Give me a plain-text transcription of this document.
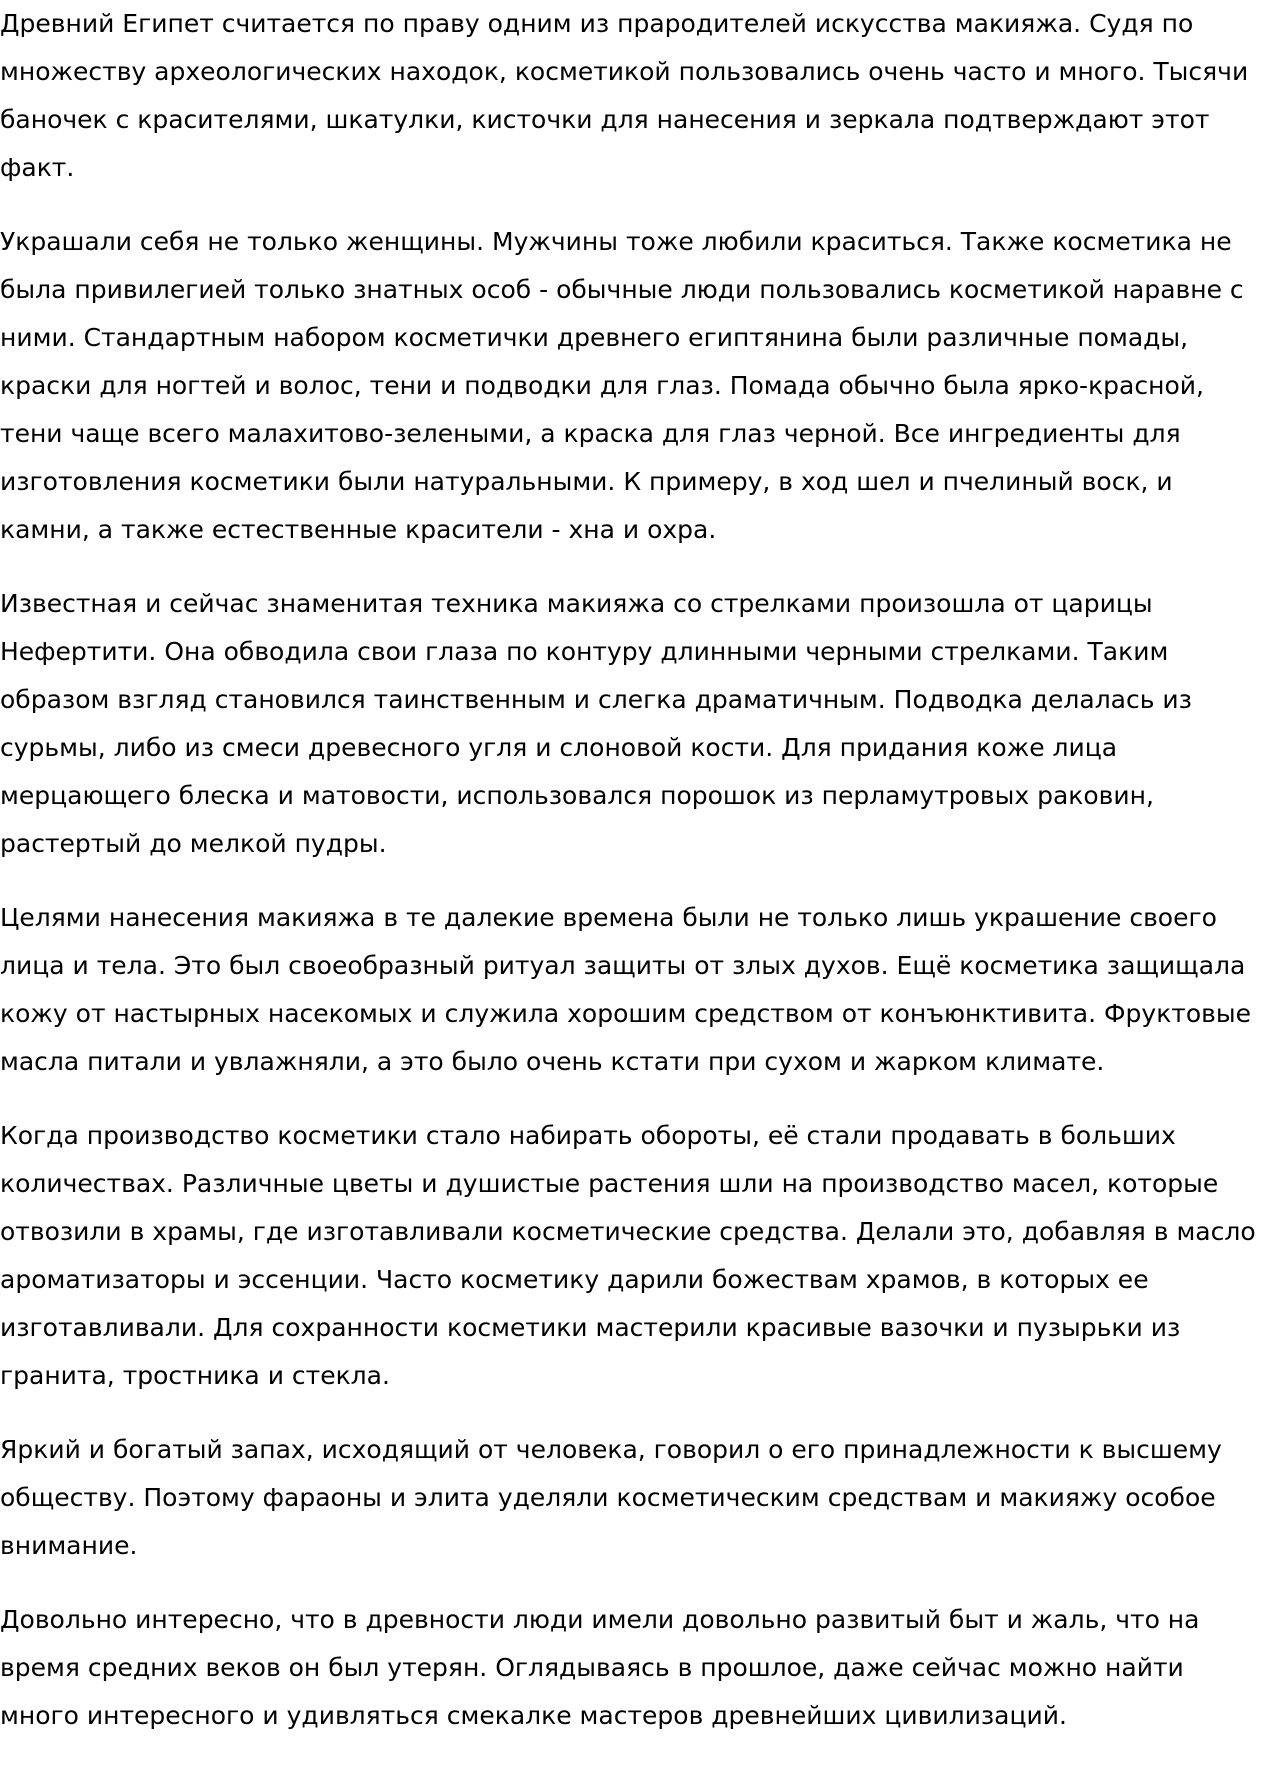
Древний Египет считается по праву одним из прародителей искусства макияжа. Судя по множеству археологических находок, косметикой пользовались очень часто и много. Тысячи баночек с красителями, шкатулки, кисточки для нанесения и зеркала подтверждают этот факт.

Украшали себя не только женщины. Мужчины тоже любили краситься. Также косметика не была привилегией только знатных особ - обычные люди пользовались косметикой наравне с ними. Стандартным набором косметички древнего египтянина были различные помады, краски для ногтей и волос, тени и подводки для глаз. Помада обычно была ярко-красной, тени чаще всего малахитово-зелеными, а краска для глаз черной. Все ингредиенты для изготовления косметики были натуральными. К примеру, в ход шел и пчелиный воск, и камни, а также естественные красители - хна и охра.

Известная и сейчас знаменитая техника макияжа со стрелками произошла от царицы Нефертити. Она обводила свои глаза по контуру длинными черными стрелками. Таким образом взгляд становился таинственным и слегка драматичным. Подводка делалась из сурьмы, либо из смеси древесного угля и слоновой кости. Для придания коже лица мерцающего блеска и матовости, использовался порошок из перламутровых раковин, растертый до мелкой пудры.

Целями нанесения макияжа в те далекие времена были не только лишь украшение своего лица и тела. Это был своеобразный ритуал защиты от злых духов. Ещё косметика защищала кожу от настырных насекомых и служила хорошим средством от конъюнктивита. Фруктовые масла питали и увлажняли, а это было очень кстати при сухом и жарком климате.

Когда производство косметики стало набирать обороты, её стали продавать в больших количествах. Различные цветы и душистые растения шли на производство масел, которые отвозили в храмы, где изготавливали косметические средства. Делали это, добавляя в масло ароматизаторы и эссенции. Часто косметику дарили божествам храмов, в которых ее изготавливали. Для сохранности косметики мастерили красивые вазочки и пузырьки из гранита, тростника и стекла.

Яркий и богатый запах, исходящий от человека, говорил о его принадлежности к высшему обществу. Поэтому фараоны и элита уделяли косметическим средствам и макияжу особое внимание.

Довольно интересно, что в древности люди имели довольно развитый быт и жаль, что на время средних веков он был утерян. Оглядываясь в прошлое, даже сейчас можно найти много интересного и удивляться смекалке мастеров древнейших цивилизаций.
